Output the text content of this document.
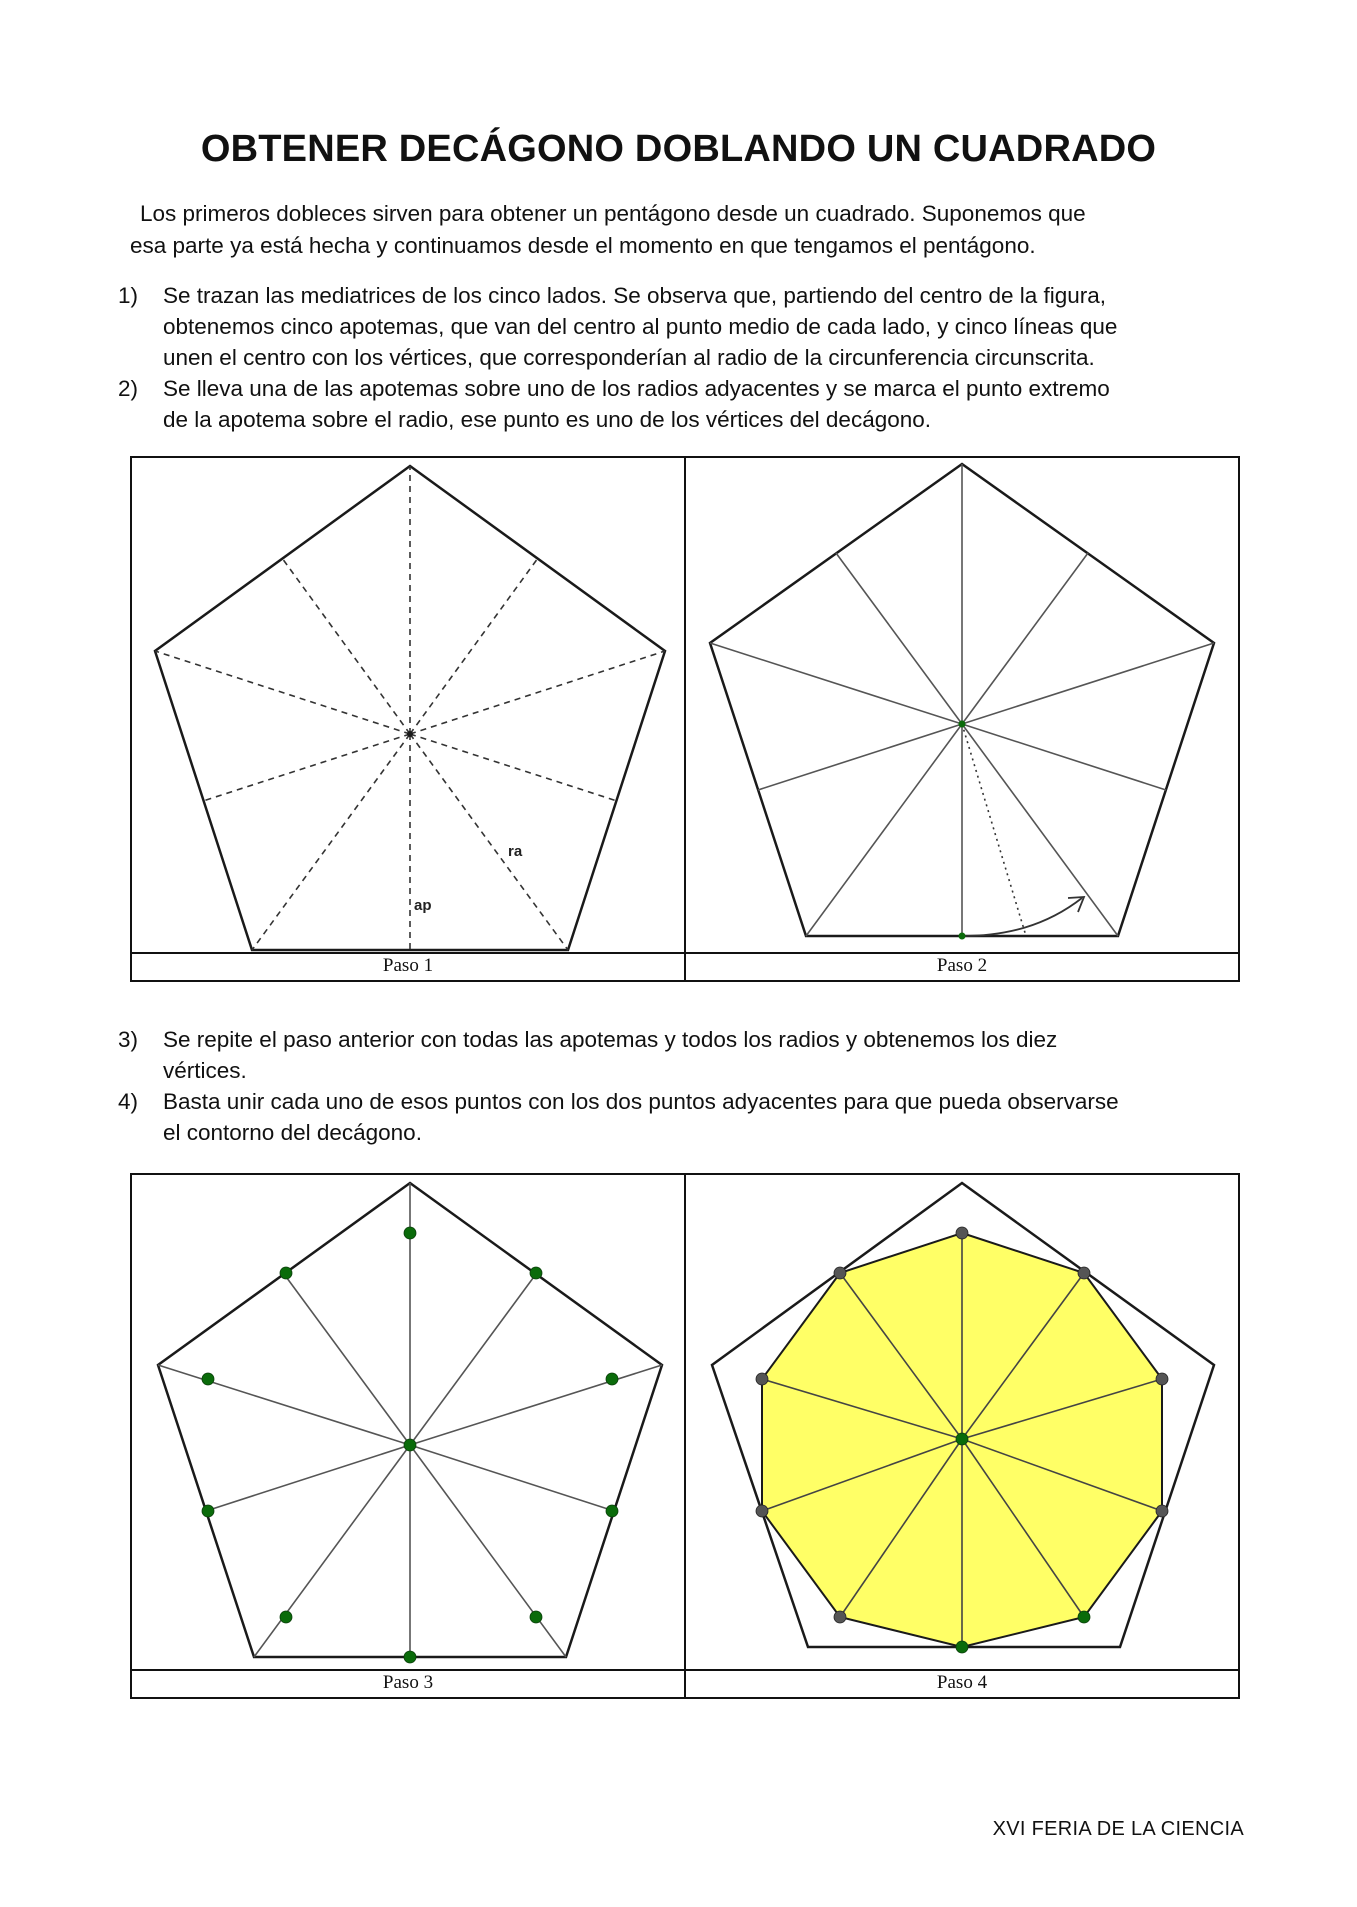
OBTENER DECÁGONO DOBLANDO UN CUADRADO

Los primeros dobleces sirven para obtener un pentágono desde un cuadrado. Suponemos que
esa parte ya está hecha y continuamos desde el momento en que tengamos el pentágono.

1) Se trazan las mediatrices de los cinco lados. Se observa que, partiendo del centro de la figura,
obtenemos cinco apotemas, que van del centro al punto medio de cada lado, y cinco líneas que
unen el centro con los vértices, que corresponderían al radio de la circunferencia circunscrita.
2) Se lleva una de las apotemas sobre uno de los radios adyacentes y se marca el punto extremo
de la apotema sobre el radio, ese punto es uno de los vértices del decágono.
ap
ra
Paso 1	Paso 2
3) Se repite el paso anterior con todas las apotemas y todos los radios y obtenemos los diez
vértices.
4) Basta unir cada uno de esos puntos con los dos puntos adyacentes para que pueda observarse
el contorno del decágono.
Paso 3	Paso 4
XVI FERIA DE LA CIENCIA
